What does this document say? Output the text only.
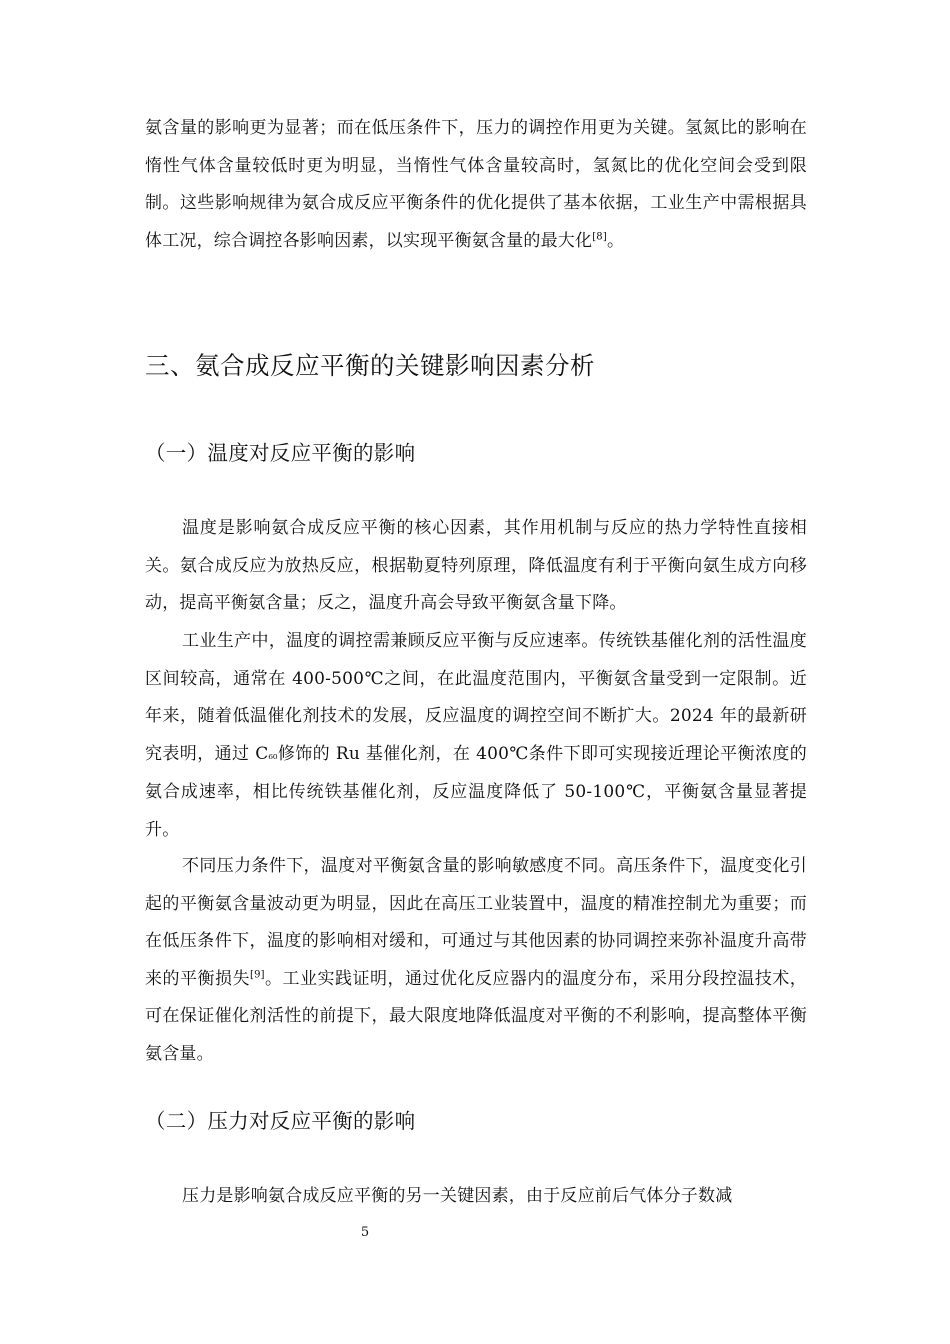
氨含量的影响更为显著；而在低压条件下，压力的调控作用更为关键。氢氮比的影响在惰性气体含量较低时更为明显，当惰性气体含量较高时，氢氮比的优化空间会受到限制。这些影响规律为氨合成反应平衡条件的优化提供了基本依据，工业生产中需根据具体工况，综合调控各影响因素，以实现平衡氨含量的最大化[8]。

三、氨合成反应平衡的关键影响因素分析
（一）温度对反应平衡的影响

温度是影响氨合成反应平衡的核心因素，其作用机制与反应的热力学特性直接相关。氨合成反应为放热反应，根据勒夏特列原理，降低温度有利于平衡向氨生成方向移动，提高平衡氨含量；反之，温度升高会导致平衡氨含量下降。

工业生产中，温度的调控需兼顾反应平衡与反应速率。传统铁基催化剂的活性温度区间较高，通常在 400-500℃之间，在此温度范围内，平衡氨含量受到一定限制。近年来，随着低温催化剂技术的发展，反应温度的调控空间不断扩大。2024 年的最新研究表明，通过 C₆₀修饰的 Ru 基催化剂，在 400℃条件下即可实现接近理论平衡浓度的氨合成速率，相比传统铁基催化剂，反应温度降低了 50-100℃，平衡氨含量显著提升。

不同压力条件下，温度对平衡氨含量的影响敏感度不同。高压条件下，温度变化引起的平衡氨含量波动更为明显，因此在高压工业装置中，温度的精准控制尤为重要；而在低压条件下，温度的影响相对缓和，可通过与其他因素的协同调控来弥补温度升高带来的平衡损失[9]。工业实践证明，通过优化反应器内的温度分布，采用分段控温技术，可在保证催化剂活性的前提下，最大限度地降低温度对平衡的不利影响，提高整体平衡氨含量。

（二）压力对反应平衡的影响

压力是影响氨合成反应平衡的另一关键因素，由于反应前后气体分子数减

5
